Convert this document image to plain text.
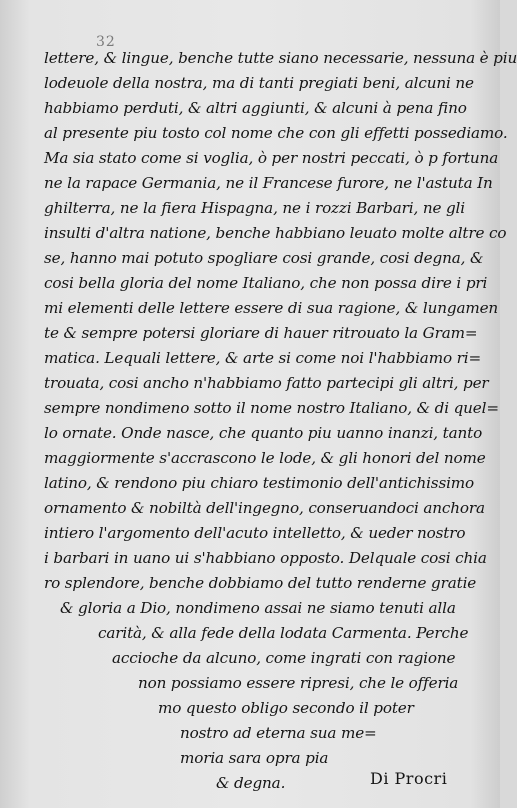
32
lettere, & lingue, benche tutte siano necessarie, nessuna è piu
lodeuole della nostra, ma di tanti pregiati beni, alcuni ne
habbiamo perduti, & altri aggiunti, & alcuni à pena fino
al presente piu tosto col nome che con gli effetti possediamo.
Ma sia stato come si voglia, ò per nostri peccati, ò p fortuna
ne la rapace Germania, ne il Francese furore, ne l'astuta In
ghilterra, ne la fiera Hispagna, ne i rozzi Barbari, ne gli
insulti d'altra natione, benche habbiano leuato molte altre co
se, hanno mai potuto spogliare cosi grande, cosi degna, &
cosi bella gloria del nome Italiano, che non possa dire i pri
mi elementi delle lettere essere di sua ragione, & lungamen
te & sempre potersi gloriare di hauer ritrouato la Gram=
matica. Lequali lettere, & arte si come noi l'habbiamo ri=
trouata, cosi ancho n'habbiamo fatto partecipi gli altri, per
sempre nondimeno sotto il nome nostro Italiano, & di quel=
lo ornate. Onde nasce, che quanto piu uanno inanzi, tanto
maggiormente s'accrascono le lode, & gli honori del nome
latino, & rendono piu chiaro testimonio dell'antichissimo
ornamento & nobiltà dell'ingegno, conseruandoci anchora
intiero l'argomento dell'acuto intelletto, & ueder nostro
i barbari in uano ui s'habbiano opposto. Delquale cosi chia
ro splendore, benche dobbiamo del tutto renderne gratie
& gloria a Dio, nondimeno assai ne siamo tenuti alla
carità, & alla fede della lodata Carmenta. Perche
accioche da alcuno, come ingrati con ragione
non possiamo essere ripresi, che le offeria
mo questo obligo secondo il poter
nostro ad eterna sua me=
moria sara opra pia
& degna.	Di Procri
